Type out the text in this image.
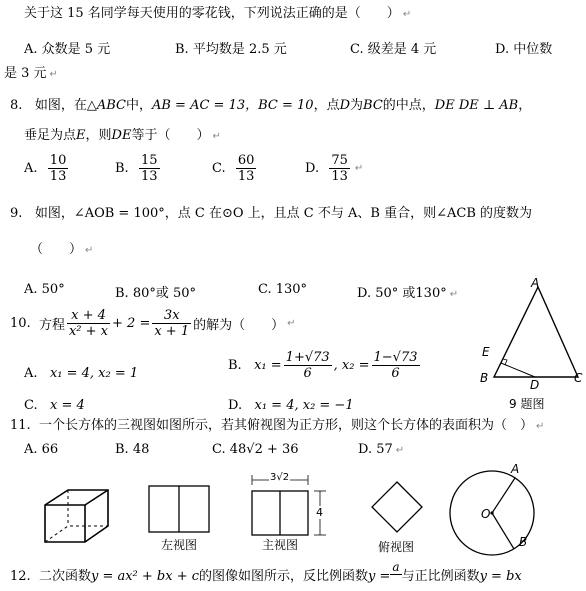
关于这 15 名同学每天使用的零花钱，下列说法正确的是（　　） ↵
A. 众数是 5 元	B. 平均数是 2.5 元	C. 级差是 4 元	D. 中位数
是 3 元 ↵
8. 如图，在△ABC中，AB = AC = 13，BC = 10，点D为BC的中点，DE DE ⊥ AB，
垂足为点E，则DE等于（　　） ↵
A. $\frac{10}{13}$	B. $\frac{15}{13}$	C. $\frac{60}{13}$	D. $\frac{75}{13}$ ↵
9. 如图，∠AOB = 100°，点 C 在⊙O 上，且点 C 不与 A、B 重合，则∠ACB 的度数为
（　　） ↵
A. 50°	B. 80°或 50°	C. 130°	D. 50° 或130° ↵
10. 方程 $\frac{x + 4}{\text{x² + x}} + 2 = \frac{3x}{x + 1}$ 的解为（　　） ↵
A. x₁ = 4, x₂ = 1
B. $x_1 = \frac{1+√73}{6}$ , $x_2 = \frac{1-√73}{6}$
C. x = 4	D. x₁ = 4, x₂ = −1
A
E
B	D	C
9 题图
11. 一个长方体的三视图如图所示，若其俯视图为正方形，则这个长方体的表面积为（　） ↵
A. 66	B. 48	C. 48√2 + 36	D. 57 ↵
左视图
3√2
4
主视图	俯视图
A
O
B
12. 二次函数y = ax² + bx + c的图像如图所示，反比例函数y =a与正比例函数y = bx
